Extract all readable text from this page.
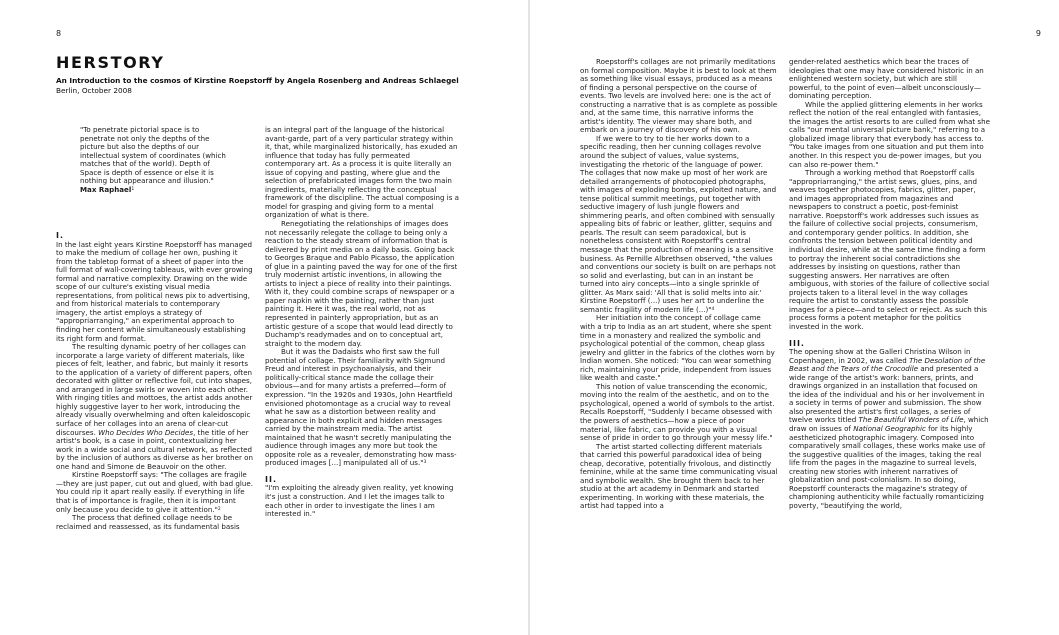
8
HERSTORY
An Introduction to the cosmos of Kirstine Roepstorff by Angela Rosenberg and Andreas Schlaegel
Berlin, October 2008

"To penetrate pictorial space is to penetrate not only the depths of the picture but also the depths of our intellectual system of coordinates (which matches that of the world). Depth of Space is depth of essence or else it is nothing but appearance and illusion."

Max Raphael$^1$

I.

In the last eight years Kirstine Roepstorff has managed to make the medium of collage her own, pushing it from the tabletop format of a sheet of paper into the full format of wall-covering tableaus, with ever growing formal and narrative complexity. Drawing on the wide scope of our culture's existing visual media representations, from political news pix to advertising, and from historical materials to contemporary imagery, the artist employs a strategy of "appropriarranging," an experimental approach to finding her content while simultaneously establishing its right form and format.

The resulting dynamic poetry of her collages can incorporate a large variety of different materials, like pieces of felt, leather, and fabric, but mainly it resorts to the application of a variety of different papers, often decorated with glitter or reflective foil, cut into shapes, and arranged in large swirls or woven into each other. With ringing titles and mottoes, the artist adds another highly suggestive layer to her work, introducing the already visually overwhelming and often kaleidoscopic surface of her collages into an arena of clear-cut discourses. Who Decides Who Decides, the title of her artist's book, is a case in point, contextualizing her work in a wide social and cultural network, as reflected by the inclusion of authors as diverse as her brother on one hand and Simone de Beauvoir on the other.

Kirstine Roepstorff says: "The collages are fragile—they are just paper, cut out and glued, with bad glue. You could rip it apart really easily. If everything in life that is of importance is fragile, then it is important only because you decide to give it attention."$^2$

The process that defined collage needs to be reclaimed and reassessed, as its fundamental basis

is an integral part of the language of the historical avant-garde, part of a very particular strategy within it, that, while marginalized historically, has exuded an influence that today has fully permeated contemporary art. As a process it is quite literally an issue of copying and pasting, where glue and the selection of prefabricated images form the two main ingredients, materially reflecting the conceptual framework of the discipline. The actual composing is a model for grasping and giving form to a mental organization of what is there.

Renegotiating the relationships of images does not necessarily relegate the collage to being only a reaction to the steady stream of information that is delivered by print media on a daily basis. Going back to Georges Braque and Pablo Picasso, the application of glue in a painting paved the way for one of the first truly modernist artistic inventions, in allowing the artists to inject a piece of reality into their paintings. With it, they could combine scraps of newspaper or a paper napkin with the painting, rather than just painting it. Here it was, the real world, not as represented in painterly appropriation, but as an artistic gesture of a scope that would lead directly to Duchamp's readymades and on to conceptual art, straight to the modern day.

But it was the Dadaists who first saw the full potential of collage. Their familiarity with Sigmund Freud and interest in psychoanalysis, and their politically-critical stance made the collage their obvious—and for many artists a preferred—form of expression. "In the 1920s and 1930s, John Heartfield envisioned photomontage as a crucial way to reveal what he saw as a distortion between reality and appearance in both explicit and hidden messages carried by the mainstream media. The artist maintained that he wasn't secretly manipulating the audience through images any more but took the opposite role as a revealer, demonstrating how mass-produced images [...] manipulated all of us."$^3$

II.

"I'm exploiting the already given reality, yet knowing it's just a construction. And I let the images talk to each other in order to investigate the lines I am interested in."

9

Roepstorff's collages are not primarily meditations on formal composition. Maybe it is best to look at them as something like visual essays, produced as a means of finding a personal perspective on the course of events. Two levels are involved here: one is the act of constructing a narrative that is as complete as possible and, at the same time, this narrative informs the artist's identity. The viewer may share both, and embark on a journey of discovery of his own.

If we were to try to tie her works down to a specific reading, then her cunning collages revolve around the subject of values, value systems, investigating the rhetoric of the language of power. The collages that now make up most of her work are detailed arrangements of photocopied photographs, with images of exploding bombs, exploited nature, and tense political summit meetings, put together with seductive imagery of lush jungle flowers and shimmering pearls, and often combined with sensually appealing bits of fabric or leather, glitter, sequins and pearls. The result can seem paradoxical, but is nonetheless consistent with Roepstorff's central message that the production of meaning is a sensitive business. As Pernille Albrethsen observed, "the values and conventions our society is built on are perhaps not so solid and everlasting, but can in an instant be turned into airy concepts—into a single sprinkle of glitter. As Marx said: 'All that is solid melts into air.' Kirstine Roepstorff (...) uses her art to underline the semantic fragility of modern life (...)"$^4$

Her initiation into the concept of collage came with a trip to India as an art student, where she spent time in a monastery and realized the symbolic and psychological potential of the common, cheap glass jewelry and glitter in the fabrics of the clothes worn by Indian women. She noticed: "You can wear something rich, maintaining your pride, independent from issues like wealth and caste."

This notion of value transcending the economic, moving into the realm of the aesthetic, and on to the psychological, opened a world of symbols to the artist. Recalls Roepstorff, "Suddenly I became obsessed with the powers of aesthetics—how a piece of poor material, like fabric, can provide you with a visual sense of pride in order to go through your messy life."

The artist started collecting different materials that carried this powerful paradoxical idea of being cheap, decorative, potentially frivolous, and distinctly feminine, while at the same time communicating visual and symbolic wealth. She brought them back to her studio at the art academy in Denmark and started experimenting. In working with these materials, the artist had tapped into a

gender-related aesthetics which bear the traces of ideologies that one may have considered historic in an enlightened western society, but which are still powerful, to the point of even—albeit unconsciously—dominating perception.

While the applied glittering elements in her works reflect the notion of the real entangled with fantasies, the images the artist resorts to are culled from what she calls "our mental universal picture bank," referring to a globalized image library that everybody has access to. "You take images from one situation and put them into another. In this respect you de-power images, but you can also re-power them."

Through a working method that Roepstorff calls "appropriarranging," the artist sews, glues, pins, and weaves together photocopies, fabrics, glitter, paper, and images appropriated from magazines and newspapers to construct a poetic, post-feminist narrative. Roepstorff's work addresses such issues as the failure of collective social projects, consumerism, and contemporary gender politics. In addition, she confronts the tension between political identity and individual desire, while at the same time finding a form to portray the inherent social contradictions she addresses by insisting on questions, rather than suggesting answers. Her narratives are often ambiguous, with stories of the failure of collective social projects taken to a literal level in the way collages require the artist to constantly assess the possible images for a piece—and to select or reject. As such this process forms a potent metaphor for the politics invested in the work.

III.

The opening show at the Galleri Christina Wilson in Copenhagen, in 2002, was called The Desolation of the Beast and the Tears of the Crocodile and presented a wide range of the artist's work: banners, prints, and drawings organized in an installation that focused on the idea of the individual and his or her involvement in a society in terms of power and submission. The show also presented the artist's first collages, a series of twelve works titled The Beautiful Wonders of Life, which draw on issues of National Geographic for its highly aestheticized photographic imagery. Composed into comparatively small collages, these works make use of the suggestive qualities of the images, taking the real life from the pages in the magazine to surreal levels, creating new stories with inherent narratives of globalization and post-colonialism. In so doing, Roepstorff counteracts the magazine's strategy of championing authenticity while factually romanticizing poverty, "beautifying the world,
